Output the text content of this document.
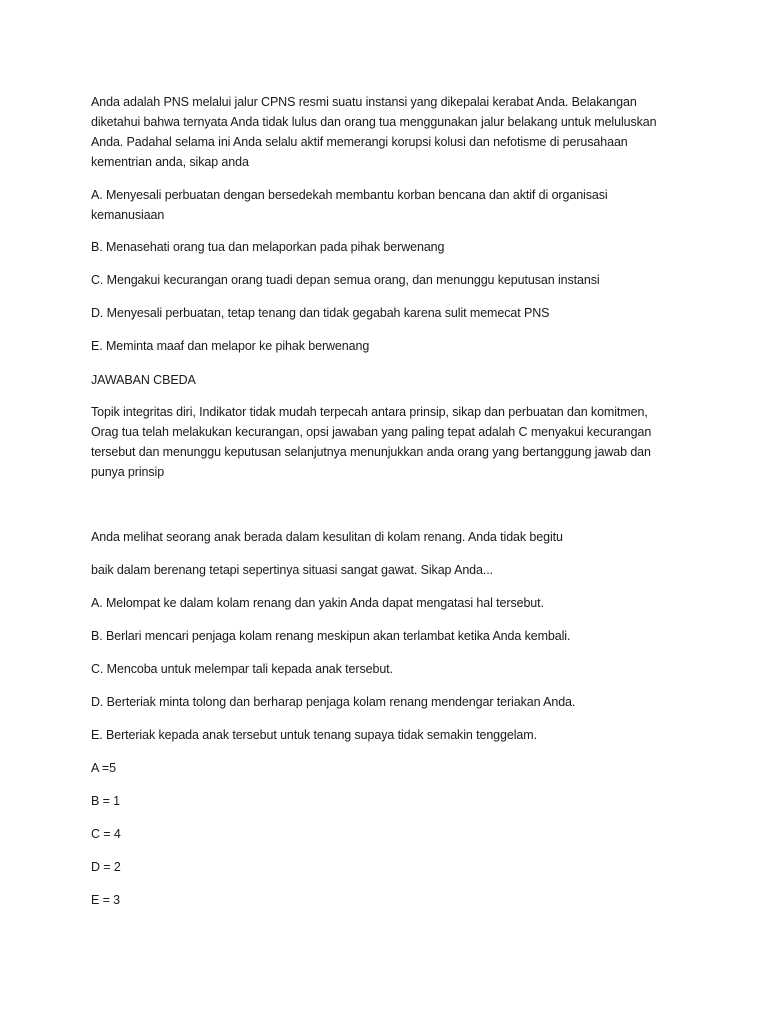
Anda adalah PNS melalui jalur CPNS resmi suatu instansi yang dikepalai kerabat Anda. Belakangan
diketahui bahwa ternyata Anda tidak lulus dan orang tua menggunakan jalur belakang untuk meluluskan
Anda. Padahal selama ini Anda selalu aktif memerangi korupsi kolusi dan nefotisme di perusahaan
kementrian anda, sikap anda
A. Menyesali perbuatan dengan bersedekah membantu korban bencana dan aktif di organisasi
kemanusiaan
B. Menasehati orang tua dan melaporkan pada pihak berwenang
C. Mengakui kecurangan orang tuadi depan semua orang, dan menunggu keputusan instansi
D. Menyesali perbuatan, tetap tenang dan tidak gegabah karena sulit memecat PNS
E. Meminta maaf dan melapor ke pihak berwenang
JAWABAN CBEDA
Topik integritas diri, Indikator tidak mudah terpecah antara prinsip, sikap dan perbuatan dan komitmen,
Orag tua telah melakukan kecurangan, opsi jawaban yang paling tepat adalah C menyakui kecurangan
tersebut dan menunggu keputusan selanjutnya menunjukkan anda orang yang bertanggung jawab dan
punya prinsip
Anda melihat seorang anak berada dalam kesulitan di kolam renang. Anda tidak begitu
baik dalam berenang tetapi sepertinya situasi sangat gawat. Sikap Anda...
A. Melompat ke dalam kolam renang dan yakin Anda dapat mengatasi hal tersebut.
B. Berlari mencari penjaga kolam renang meskipun akan terlambat ketika Anda kembali.
C. Mencoba untuk melempar tali kepada anak tersebut.
D. Berteriak minta tolong dan berharap penjaga kolam renang mendengar teriakan Anda.
E. Berteriak kepada anak tersebut untuk tenang supaya tidak semakin tenggelam.
A =5
B = 1
C = 4
D = 2
E = 3
